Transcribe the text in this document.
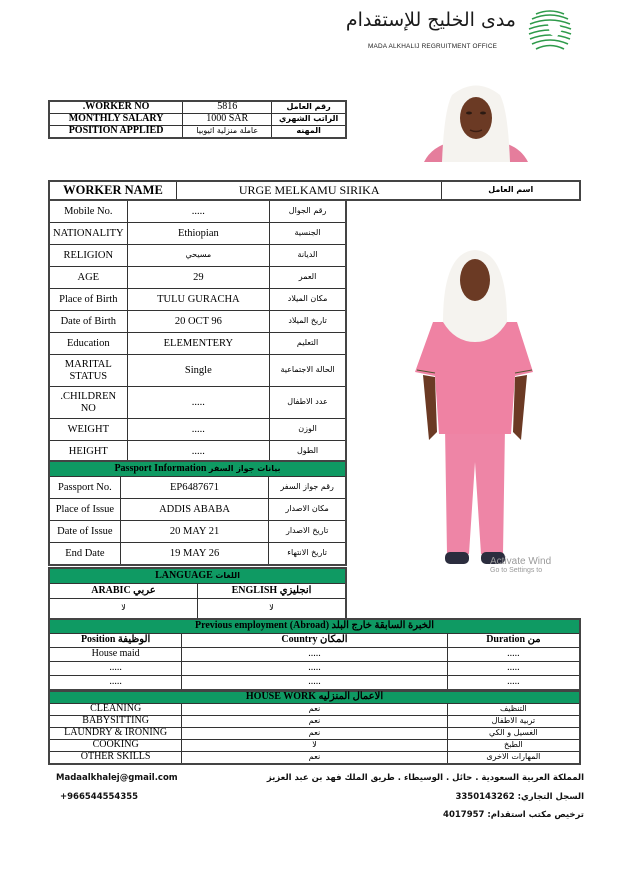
مدى الخليج للإستقدام
MADA ALKHALIJ REGRUITMENT OFFICE
.WORKER NO	5816	رقم العامل
MONTHLY SALARY	1000 SAR	الراتب الشهري
POSITION APPLIED	عاملة منزلية اثيوبيا	المهنه
Activate Wind
Go to Settings to
WORKER NAME	URGE MELKAMU SIRIKA	اسم العامل
Mobile No.	.....	رقم الجوال
NATIONALITY	Ethiopian	الجنسية
RELIGION	مسيحي	الديانة
AGE	29	العمر
Place of Birth	TULU GURACHA	مكان الميلاد
Date of Birth	20 OCT 96	تاريخ الميلاد
Education	ELEMENTERY	التعليم
MARITAL STATUS	Single	الحالة الاجتماعية
.CHILDREN NO	.....	عدد الاطفال
WEIGHT	.....	الوزن
HEIGHT	.....	الطول
Passport Information بيانات جواز السفر		
Passport No.	EP6487671	رقم جواز السفر
Place of Issue	ADDIS ABABA	مكان الاصدار
Date of Issue	20 MAY 21	تاريخ الاصدار
End Date	19 MAY 26	تاريخ الانتهاء
LANGUAGE اللغات	
ARABIC عربي	ENGLISH انجليزي
لا	لا
Previous employment (Abroad) الخبرة السابقة خارج البلد		
Position الوظيفة	Country المكان	Duration من
House maid	.....	.....
.....	.....	.....
.....	.....	.....
HOUSE WORK الاعمال المنزليه		
CLEANING	نعم	التنظيف
BABYSITTING	نعم	تربية الاطفال
LAUNDRY & IRONING	نعم	الغسيل و الكي
COOKING	لا	الطبخ
OTHER SKILLS	نعم	المهارات الاخرى
Madaalkhalej@gmail.com
+966544554355
المملكة العربية السعودية . حائل . الوسيطاء . طريق الملك فهد بن عبد العزيز
السجل التجاري: 3350143262
ترخيص مكتب استقدام: 4017957
